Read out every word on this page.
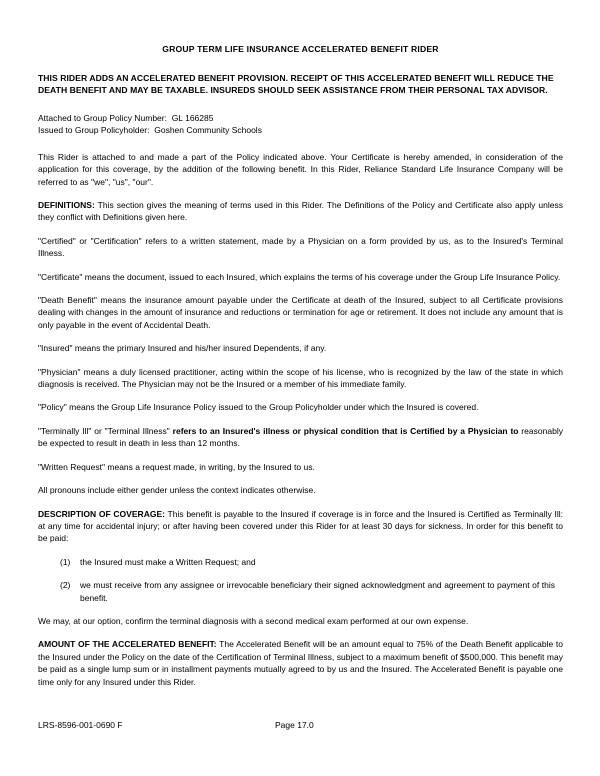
GROUP TERM LIFE INSURANCE ACCELERATED BENEFIT RIDER
THIS RIDER ADDS AN ACCELERATED BENEFIT PROVISION. RECEIPT OF THIS ACCELERATED BENEFIT WILL REDUCE THE DEATH BENEFIT AND MAY BE TAXABLE. INSUREDS SHOULD SEEK ASSISTANCE FROM THEIR PERSONAL TAX ADVISOR.
Attached to Group Policy Number:  GL 166285
Issued to Group Policyholder:  Goshen Community Schools

This Rider is attached to and made a part of the Policy indicated above. Your Certificate is hereby amended, in consideration of the application for this coverage, by the addition of the following benefit. In this Rider, Reliance Standard Life Insurance Company will be referred to as "we", "us", "our".

DEFINITIONS: This section gives the meaning of terms used in this Rider. The Definitions of the Policy and Certificate also apply unless they conflict with Definitions given here.

"Certified" or "Certification" refers to a written statement, made by a Physician on a form provided by us, as to the Insured's Terminal Illness.

"Certificate" means the document, issued to each Insured, which explains the terms of his coverage under the Group Life Insurance Policy.

"Death Benefit" means the insurance amount payable under the Certificate at death of the Insured, subject to all Certificate provisions dealing with changes in the amount of insurance and reductions or termination for age or retirement. It does not include any amount that is only payable in the event of Accidental Death.

"Insured" means the primary Insured and his/her insured Dependents, if any.

"Physician" means a duly licensed practitioner, acting within the scope of his license, who is recognized by the law of the state in which diagnosis is received. The Physician may not be the Insured or a member of his immediate family.

"Policy" means the Group Life Insurance Policy issued to the Group Policyholder under which the Insured is covered.

"Terminally Ill" or "Terminal Illness" refers to an Insured's illness or physical condition that is Certified by a Physician to reasonably be expected to result in death in less than 12 months.

"Written Request" means a request made, in writing, by the Insured to us.

All pronouns include either gender unless the context indicates otherwise.

DESCRIPTION OF COVERAGE: This benefit is payable to the Insured if coverage is in force and the Insured is Certified as Terminally Ill: at any time for accidental injury; or after having been covered under this Rider for at least 30 days for sickness. In order for this benefit to be paid:

(1)	the Insured must make a Written Request; and
(2)	we must receive from any assignee or irrevocable beneficiary their signed acknowledgment and agreement to payment of this benefit.

We may, at our option, confirm the terminal diagnosis with a second medical exam performed at our own expense.

AMOUNT OF THE ACCELERATED BENEFIT: The Accelerated Benefit will be an amount equal to 75% of the Death Benefit applicable to the Insured under the Policy on the date of the Certification of Terminal Illness, subject to a maximum benefit of $500,000. This benefit may be paid as a single lump sum or in installment payments mutually agreed to by us and the Insured. The Accelerated Benefit is payable one time only for any Insured under this Rider.

LRS-8596-001-0690 F	Page 17.0
